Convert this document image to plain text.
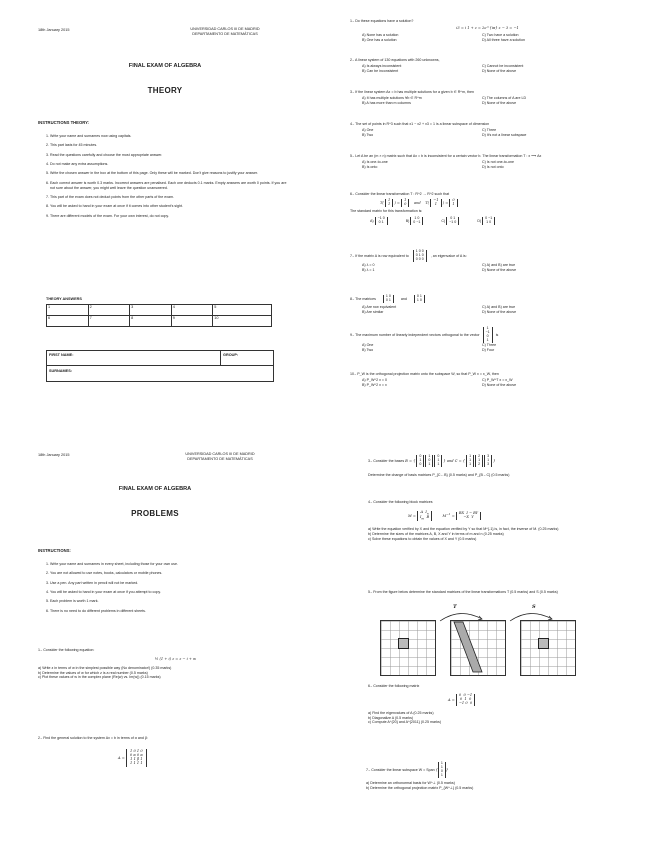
18th January 2015	UNIVERSIDAD CARLOS III DE MADRID
DEPARTAMENTO DE MATEMÁTICAS
FINAL EXAM OF ALGEBRA
THEORY
INSTRUCTIONS THEORY:
1. Write your name and surnames now using capitals.
2. This part lasts for 45 minutes.
3. Read the questions carefully and choose the most appropriate answer.
4. Do not make any extra assumptions.
5. Write the chosen answer in the box at the bottom of this page. Only these will be marked. Don't give reasons to justify your answer.
6. Each correct answer is worth 0.3 marks. Incorrect answers are penalised. Each one deducts 0.1 marks. Empty answers are worth 0 points. If you are not sure about the answer, you might well leave the question unanswered.
7. This part of the exam does not deduct points from the other parts of the exam.
8. You will be asked to hand in your exam at once if it comes into other student's sight.
9. There are different models of the exam. For your own interest, do not copy.
THEORY ANSWERS
1	2	3	4	5
6	7	8	9	10
FIRST NAME:	GROUP:
SURNAMES:
1.- Do these equations have a solution?
i3 = i 1 + z = 2e^{iπ} z − 3 = −1
A) None has a solution	C) Two have a solution
B) One has a solution	D) All three have a solution
2.- A linear system of 130 equations with 260 unknowns,
A) Is always inconsistent	C) Cannot be inconsistent
B) Can be inconsistent	D) None of the above
3.- If the linear system Ax = b has multiple solutions for a given b ∈ R^m, then
A) It has multiple solutions ∀b ∈ R^m	C) The columns of A are LD
B) A has more than m columns	D) None of the above
4.- The set of points in R^3 such that x1 − x2 + x3 = 1 is a linear subspace of dimension
A) One	C) Three
B) Two	D) It's not a linear subspace
5.- Let A be an (m × n) matrix such that Ax = b is inconsistent for a certain vector b. The linear transformation T : x ⟶ Ax
A) Is one-to-one	C) Is not one-to-one
B) Is onto	D) Is not onto
6.- Consider the linear transformation T : R^2 → R^2 such that
T( 1
1 ) = 1
0    and    T( −1
1 ) = 0
1
The standard matrix for this transformation is:
A) −1 0
0 1	B) 1 0
0 −1	C) 0 1
−1 0	D) 0 −1
1 0
7.- If the matrix A is row equivalent to 1 0 0
0 1 0
0 0 0 , an eigenvalue of A is:
A) λ = 0	C) A) and B) are true
B) λ = 1	D) None of the above
8.- The matrices 1 0
0 1	and 0 1
1 0
A) Are row equivalent	C) A) and B) are true
B) Are similar	D) None of the above
9.- The maximum number of linearly independent vectors orthogonal to the vector 1
−1
0
1 is
A) One	C) Three
B) Two	D) Four
10.- P_W is the orthogonal projection matrix onto the subspace W, so that P_W x = x_W, then
A) P_W^2 x = 0	C) P_W^T x = x_W
B) P_W^2 x = x	D) None of the above
18th January 2015	UNIVERSIDAD CARLOS III DE MADRID
DEPARTAMENTO DE MATEMÁTICAS
FINAL EXAM OF ALGEBRA
PROBLEMS
INSTRUCTIONS:
1. Write your name and surnames in every sheet, including those for your own use.
2. You are not allowed to use notes, books, calculators or mobile phones.
3. Use a pen. Any part written in pencil will not be marked.
4. You will be asked to hand in your exam at once if you attempt to copy.
5. Each problem is worth 1 mark.
6. There is no need to do different problems in different sheets.
1.- Consider the following equation:
½ (1 + i) z = z − i + w
a) Write z in terms of w in the simplest possible way (No denominator!) (0.35 marks)
b) Determine the values of w for which z is a real number (0.5 marks)
c) Plot these values of w in the complex plane (Re(w) vs. Im(w)) (0.15 marks)
2.- Find the general solution to the system Ax = b in terms of α and β:
A = 1 0 1 0
0 α 0 α
1 1 β 1
1 1 1 1
3.- Consider the bases B = { 0
1
0 1
0
1 0
1
1 } and C = { 1
1
1 2
1
2 3
1
3 }
Determine the change of basis matrices P_{C←B} (0.5 marks) and P_{B←C} (0.5 marks)
4.- Consider the following block matrices
M = A  $I_n$
$I_m$  B         $M^{-1}$ = BX  I − BY
−X  Y
a) Write the equation verified by X and the equation verified by Y so that M^{-1} is, in fact, the inverse of M. (0.25 marks)
b) Determine the sizes of the matrices A, B, X and Y in terms of m and n (0.25 marks)
c) Solve these equations to obtain the values of X and Y (0.5 marks)
5.- From the figure below determine the standard matrices of the linear transformations T (0.5 marks) and S (0.5 marks)
T	S
6.- Consider the following matrix
A = 0  0 −1
0  1  0
−1 0  0
a) Find the eigenvalues of A (0.25 marks)
b) Diagonalize A (0.5 marks)
c) Compute A^{20} and A^{2011} (0.25 marks)
7.- Consider the linear subspace W = Span {1
1
0
1}
a) Determine an orthonormal basis for W^⊥ (0.5 marks)
b) Determine the orthogonal projection matrix P_{W^⊥} (0.5 marks)
